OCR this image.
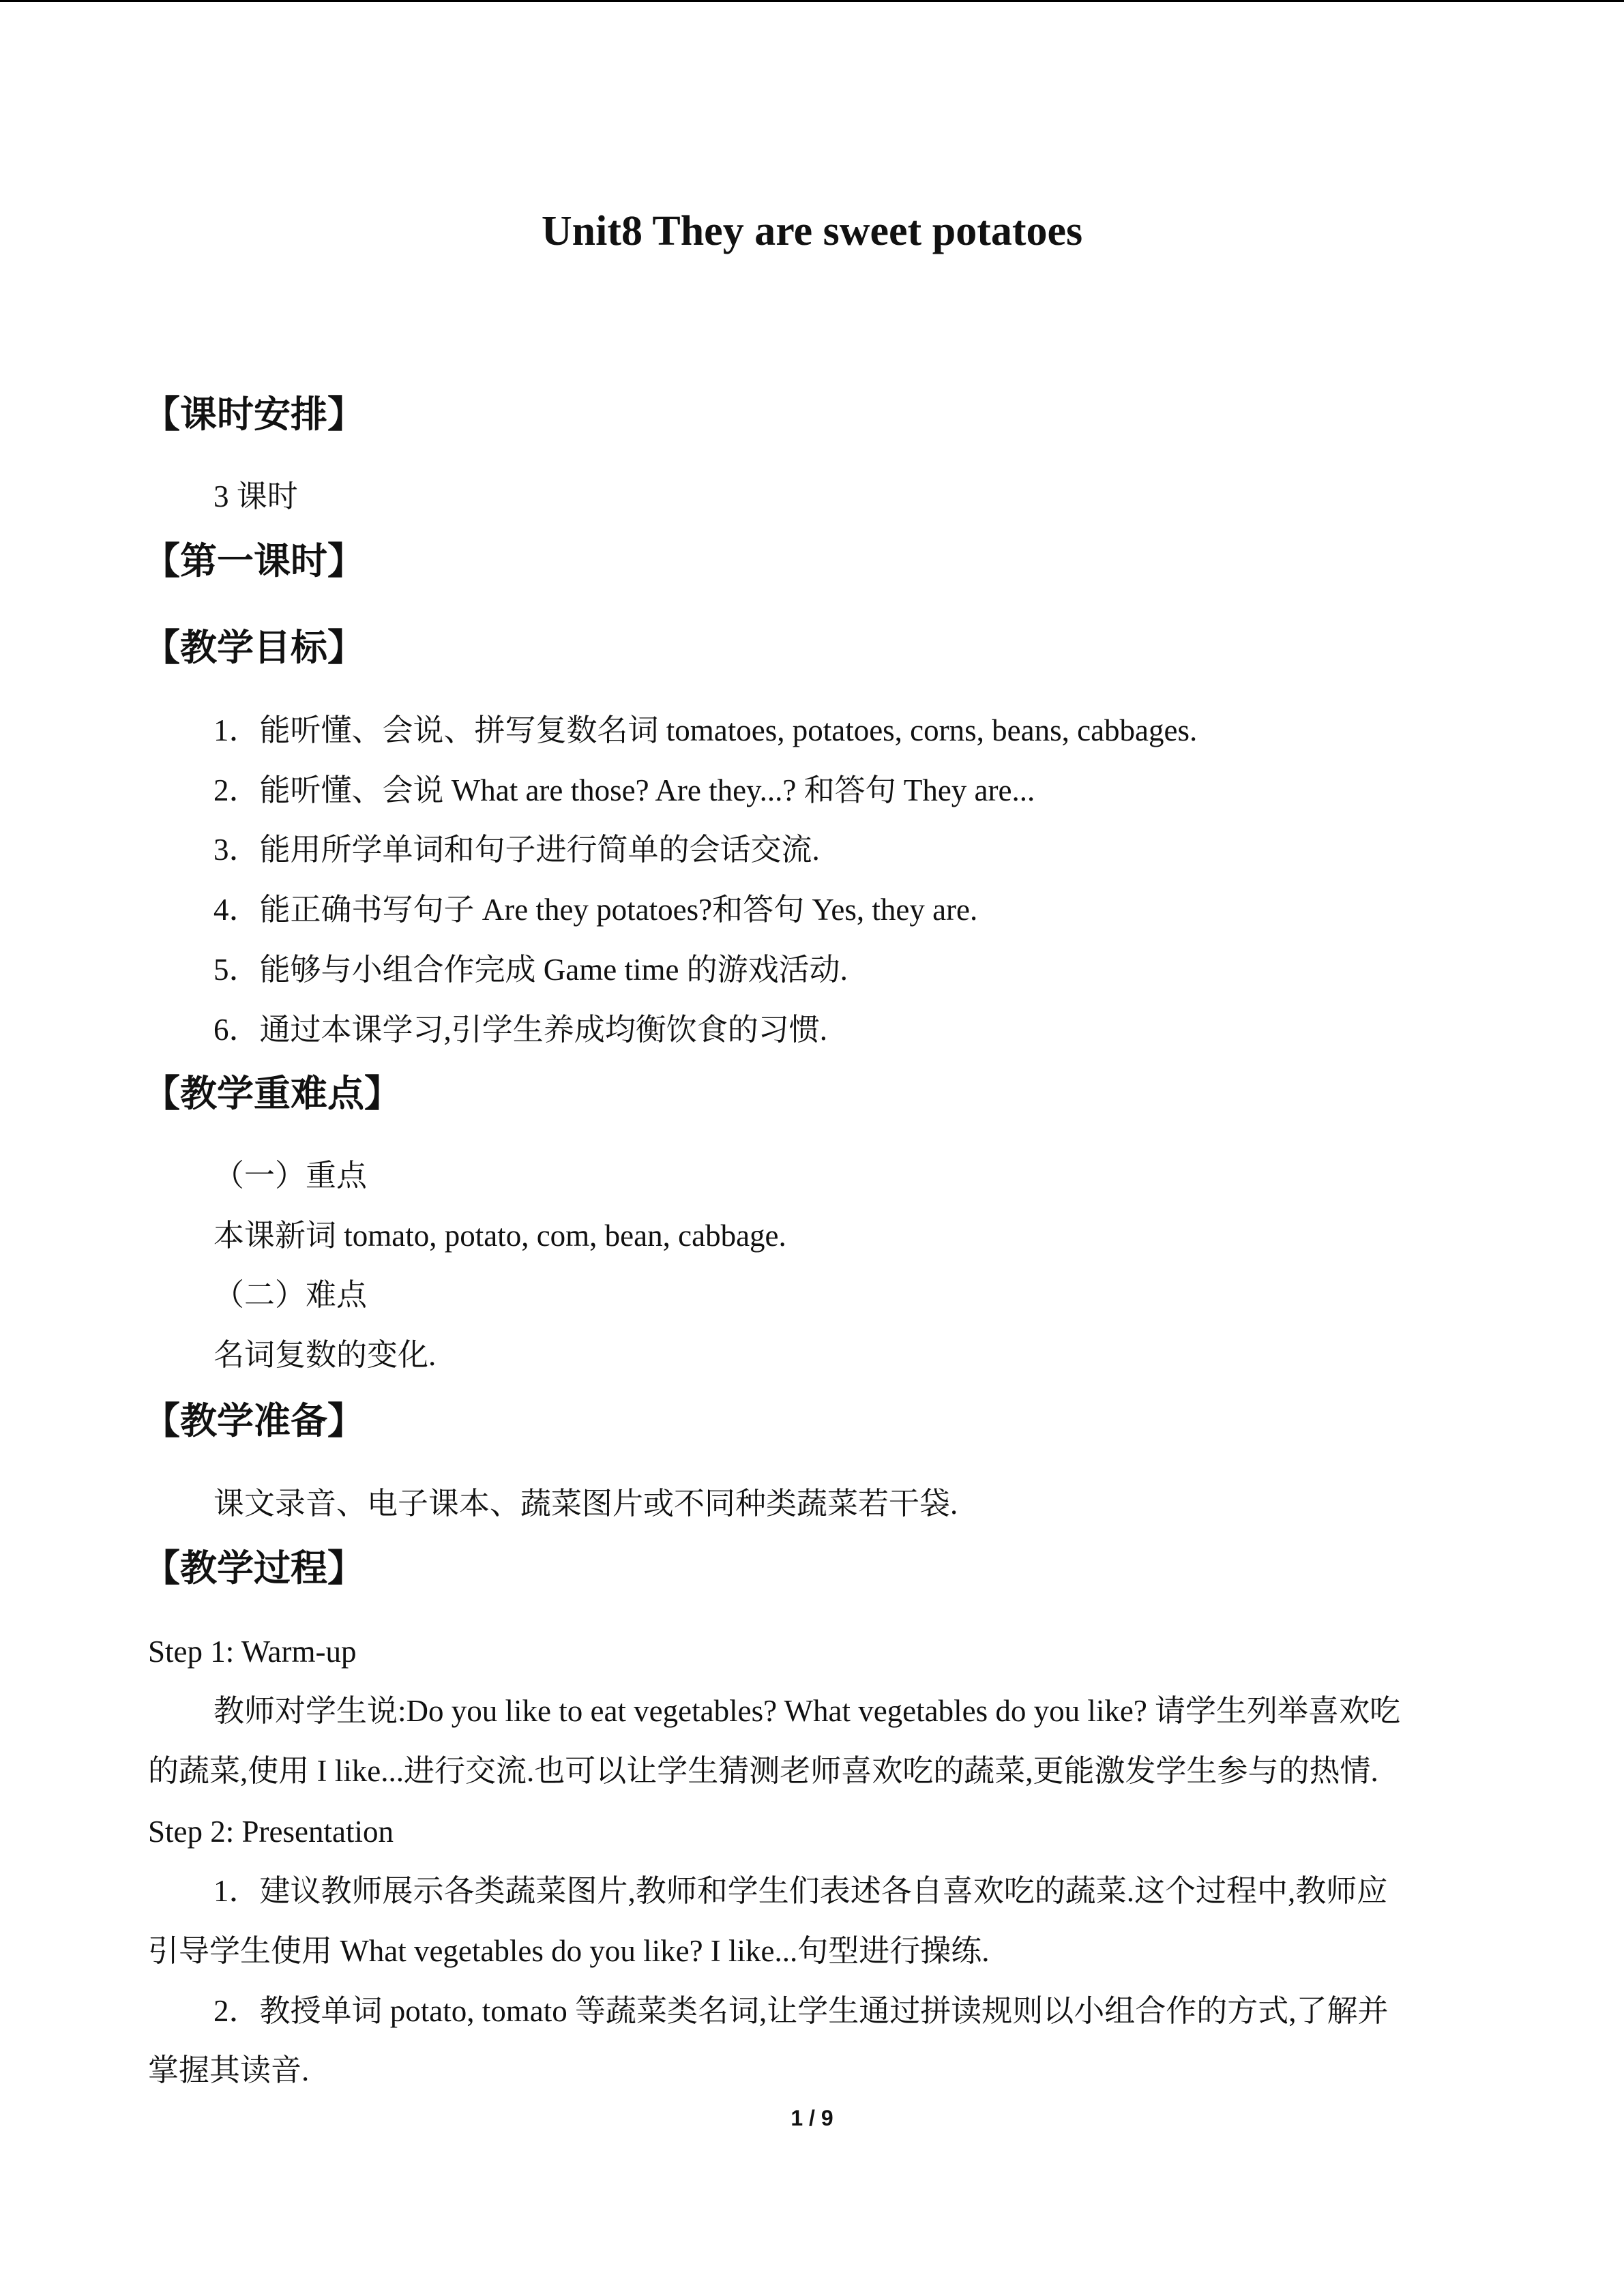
Unit8 They are sweet potatoes
【课时安排】
3 课时
【第一课时】
【教学目标】
1．能听懂、会说、拼写复数名词 tomatoes, potatoes, corns, beans, cabbages.
2．能听懂、会说 What are those? Are they...? 和答句 They are...
3．能用所学单词和句子进行简单的会话交流.
4．能正确书写句子 Are they potatoes?和答句 Yes, they are.
5．能够与小组合作完成 Game time 的游戏活动.
6．通过本课学习,引学生养成均衡饮食的习惯.
【教学重难点】
（一）重点
本课新词 tomato, potato, com, bean, cabbage.
（二）难点
名词复数的变化.
【教学准备】
课文录音、电子课本、蔬菜图片或不同种类蔬菜若干袋.
【教学过程】
Step 1: Warm-up
教师对学生说:Do you like to eat vegetables? What vegetables do you like? 请学生列举喜欢吃
的蔬菜,使用 I like...进行交流.也可以让学生猜测老师喜欢吃的蔬菜,更能激发学生参与的热情.
Step 2: Presentation
1．建议教师展示各类蔬菜图片,教师和学生们表述各自喜欢吃的蔬菜.这个过程中,教师应
引导学生使用 What vegetables do you like? I like...句型进行操练.
2．教授单词 potato, tomato 等蔬菜类名词,让学生通过拼读规则以小组合作的方式,了解并
掌握其读音.
1 / 9
